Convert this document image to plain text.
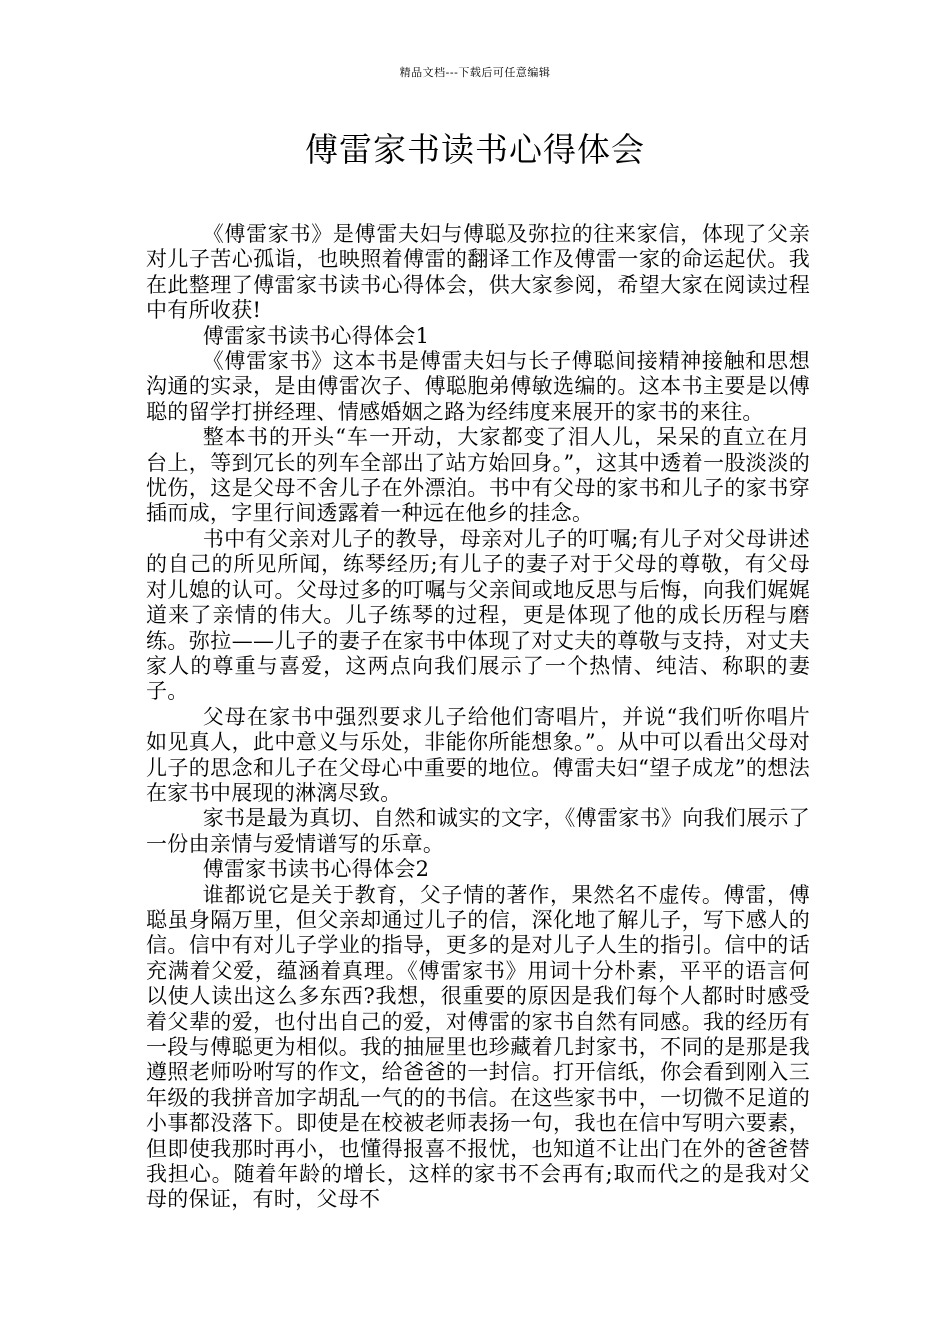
精品文档---下载后可任意编辑
傅雷家书读书心得体会

《傅雷家书》是傅雷夫妇与傅聪及弥拉的往来家信，体现了父亲对儿子苦心孤诣，也映照着傅雷的翻译工作及傅雷一家的命运起伏。我在此整理了傅雷家书读书心得体会，供大家参阅，希望大家在阅读过程中有所收获!

傅雷家书读书心得体会1

《傅雷家书》这本书是傅雷夫妇与长子傅聪间接精神接触和思想沟通的实录，是由傅雷次子、傅聪胞弟傅敏选编的。这本书主要是以傅聪的留学打拼经理、情感婚姻之路为经纬度来展开的家书的来往。

整本书的开头“车一开动，大家都变了泪人儿，呆呆的直立在月台上，等到冗长的列车全部出了站方始回身。”，这其中透着一股淡淡的忧伤，这是父母不舍儿子在外漂泊。书中有父母的家书和儿子的家书穿插而成，字里行间透露着一种远在他乡的挂念。

书中有父亲对儿子的教导，母亲对儿子的叮嘱;有儿子对父母讲述的自己的所见所闻，练琴经历;有儿子的妻子对于父母的尊敬，有父母对儿媳的认可。父母过多的叮嘱与父亲间或地反思与后悔，向我们娓娓道来了亲情的伟大。儿子练琴的过程，更是体现了他的成长历程与磨练。弥拉——儿子的妻子在家书中体现了对丈夫的尊敬与支持，对丈夫家人的尊重与喜爱，这两点向我们展示了一个热情、纯洁、称职的妻子。

父母在家书中强烈要求儿子给他们寄唱片，并说“我们听你唱片如见真人，此中意义与乐处，非能你所能想象。”。从中可以看出父母对儿子的思念和儿子在父母心中重要的地位。傅雷夫妇“望子成龙”的想法在家书中展现的淋漓尽致。

家书是最为真切、自然和诚实的文字，《傅雷家书》向我们展示了一份由亲情与爱情谱写的乐章。

傅雷家书读书心得体会2

谁都说它是关于教育，父子情的著作，果然名不虚传。傅雷，傅聪虽身隔万里，但父亲却通过儿子的信，深化地了解儿子，写下感人的信。信中有对儿子学业的指导，更多的是对儿子人生的指引。信中的话充满着父爱，蕴涵着真理。《傅雷家书》用词十分朴素，平平的语言何以使人读出这么多东西?我想，很重要的原因是我们每个人都时时感受着父辈的爱，也付出自己的爱，对傅雷的家书自然有同感。我的经历有一段与傅聪更为相似。我的抽屉里也珍藏着几封家书，不同的是那是我遵照老师吩咐写的作文，给爸爸的一封信。打开信纸，你会看到刚入三年级的我拼音加字胡乱一气的的书信。在这些家书中，一切微不足道的小事都没落下。即使是在校被老师表扬一句，我也在信中写明六要素，但即使我那时再小，也懂得报喜不报忧，也知道不让出门在外的爸爸替我担心。随着年龄的增长，这样的家书不会再有;取而代之的是我对父母的保证，有时，父母不
